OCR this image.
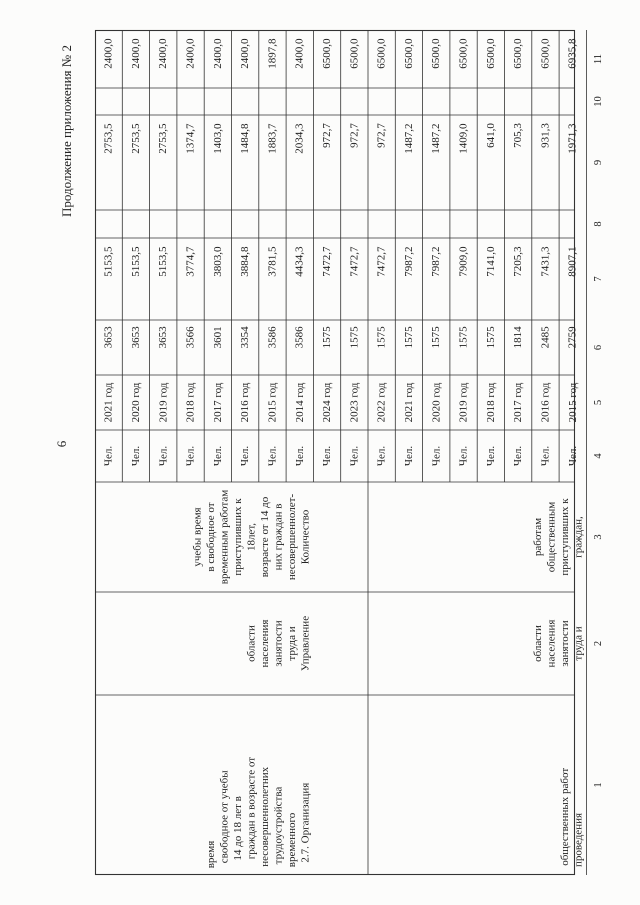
6
Продолжение приложения № 2	11
10
9
8
7
6
5
4
3
2
1
6935,8
1971,3
8907,1
2759
2015 год
Чел.
6500,0
931,3
7431,3
2485
2016 год
Чел.
6500,0
705,3
7205,3
1814
2017 год
Чел.
6500,0
641,0
7141,0
1575
2018 год
Чел.
6500,0
1409,0
7909,0
1575
2019 год
Чел.
6500,0
1487,2
7987,2
1575
2020 год
Чел.
6500,0
1487,2
7987,2
1575
2021 год
Чел.
6500,0
972,7
7472,7
1575
2022 год
Чел.
6500,0
972,7
7472,7
1575
2023 год
Чел.
6500,0
972,7
7472,7
1575
2024 год
Чел.
граждан,
приступивших к
общественным
работам
труда и
занятости
населения
области
проведения
общественных работ
2400,0
2034,3
4434,3
3586
2014 год
Чел.
1897,8
1883,7
3781,5
3586
2015 год
Чел.
2400,0
1484,8
3884,8
3354
2016 год
Чел.
2400,0
1403,0
3803,0
3601
2017 год
Чел.
2400,0
1374,7
3774,7
3566
2018 год
Чел.
2400,0
2753,5
5153,5
3653
2019 год
Чел.
2400,0
2753,5
5153,5
3653
2020 год
Чел.
2400,0
2753,5
5153,5
3653
2021 год
Чел.
Количество
несовершеннолет-
них граждан в
возрасте от 14 до
18лет,
приступивших к
временным работам
в свободное от
учебы время
Управление
труда и
занятости
населения
области
2.7. Организация
временного
трудоустройства
несовершеннолетних
граждан в возрасте от
14 до 18 лет в
свободное от учебы
время
